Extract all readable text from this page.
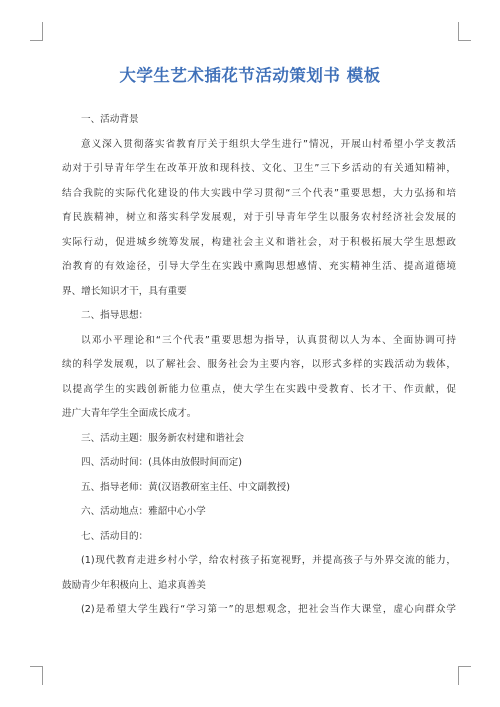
大学生艺术插花节活动策划书 模板
一、活动背景
意义深入贯彻落实省教育厅关于组织大学生进行”情况，开展山村希望小学支教活
动对于引导青年学生在改革开放和现科技、文化、卫生”三下乡活动的有关通知精神，
结合我院的实际代化建设的伟大实践中学习贯彻“三个代表”重要思想，大力弘扬和培
育民族精神，树立和落实科学发展观，对于引导青年学生以服务农村经济社会发展的
实际行动，促进城乡统筹发展，构建社会主义和谐社会，对于积极拓展大学生思想政
治教育的有效途径，引导大学生在实践中熏陶思想感情、充实精神生活、提高道德境
界、增长知识才干，具有重要
二、指导思想：
以邓小平理论和“三个代表”重要思想为指导，认真贯彻以人为本、全面协调可持
续的科学发展观，以了解社会、服务社会为主要内容，以形式多样的实践活动为载体，
以提高学生的实践创新能力位重点，使大学生在实践中受教育、长才干、作贡献，促
进广大青年学生全面成长成才。
三、活动主题：服务新农村建和谐社会
四、活动时间：(具体由放假时间而定)
五、指导老师：黄(汉语教研室主任、中文副教授)
六、活动地点：雅韶中心小学
七、活动目的：
(1)现代教育走进乡村小学，给农村孩子拓宽视野，并提高孩子与外界交流的能力，
鼓励青少年积极向上、追求真善美
(2)是希望大学生践行“学习第一”的思想观念，把社会当作大课堂，虚心向群众学
